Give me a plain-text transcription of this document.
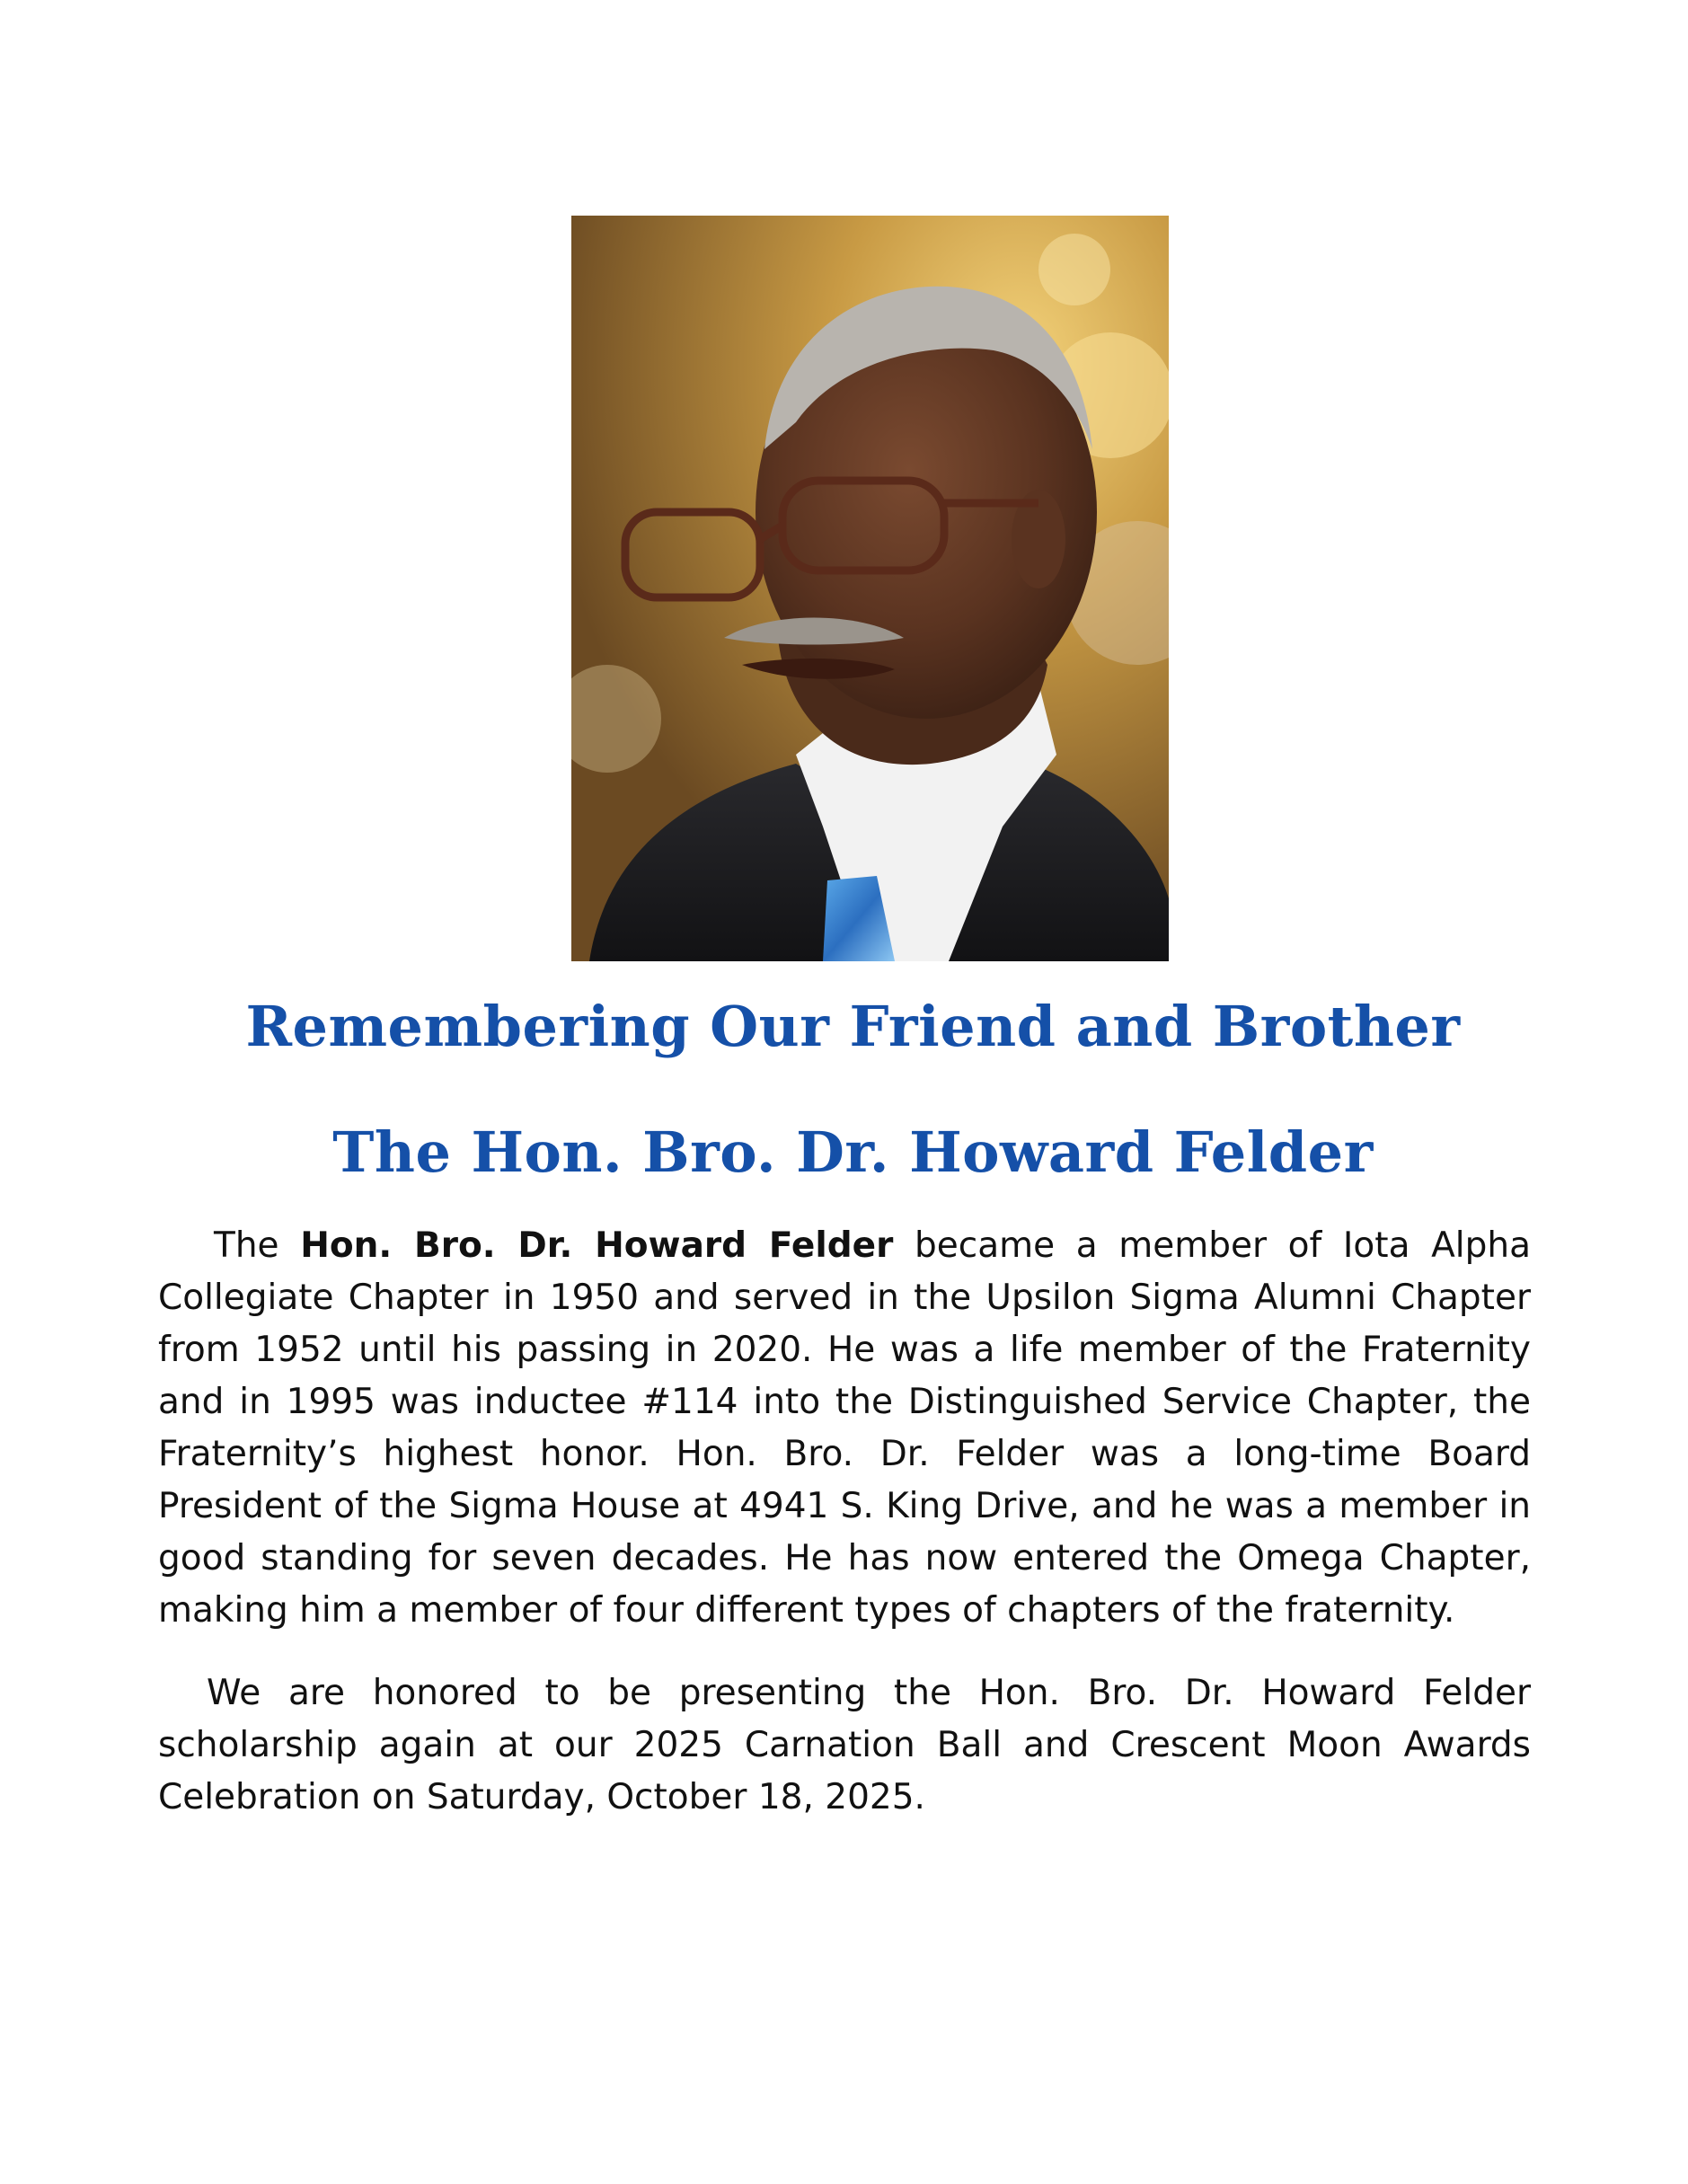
Remembering Our Friend and Brother
The Hon. Bro. Dr. Howard Felder

The Hon. Bro. Dr. Howard Felder became a member of Iota Alpha Collegiate Chapter in 1950 and served in the Upsilon Sigma Alumni Chapter from 1952 until his passing in 2020. He was a life member of the Fraternity and in 1995 was inductee #114 into the Distinguished Service Chapter, the Fraternity’s highest honor. Hon. Bro. Dr. Felder was a long-time Board President of the Sigma House at 4941 S. King Drive, and he was a member in good standing for seven decades. He has now entered the Omega Chapter, making him a member of four different types of chapters of the fraternity.

We are honored to be presenting the Hon. Bro. Dr. Howard Felder scholarship again at our 2025 Carnation Ball and Crescent Moon Awards Celebration on Saturday, October 18, 2025.
